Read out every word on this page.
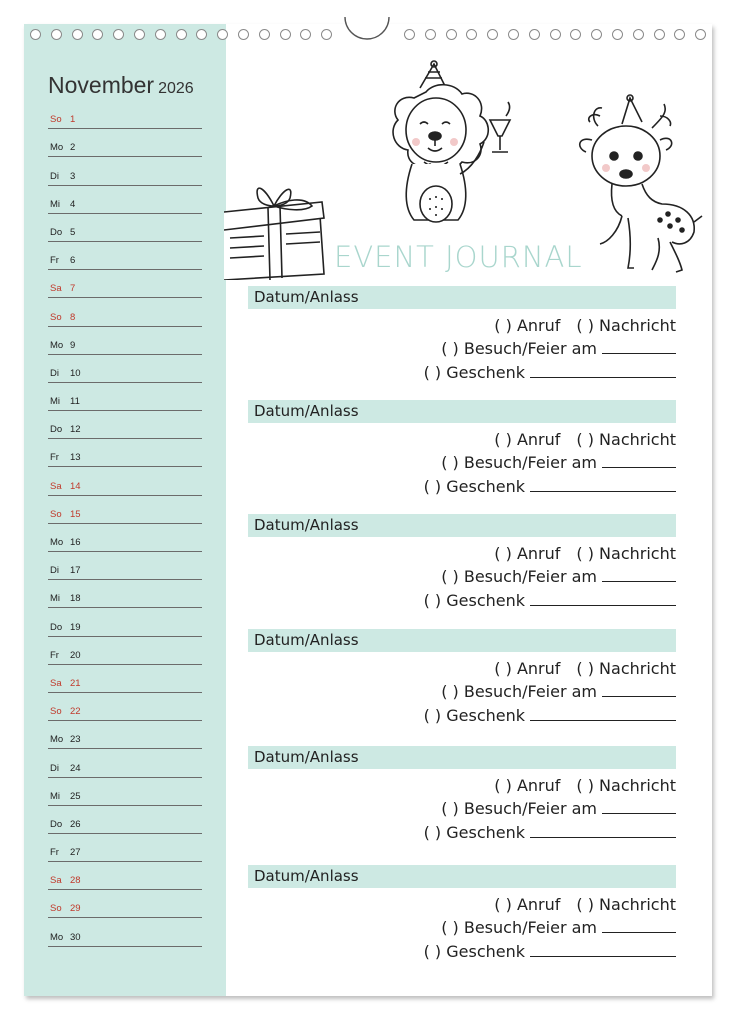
November 2026
So 1
Mo 2
Di 3
Mi 4
Do 5
Fr 6
Sa 7
So 8
Mo 9
Di 10
Mi 11
Do 12
Fr 13
Sa 14
So 15
Mo 16
Di 17
Mi 18
Do 19
Fr 20
Sa 21
So 22
Mo 23
Di 24
Mi 25
Do 26
Fr 27
Sa 28
So 29
Mo 30
EVENT JOURNAL
Datum/Anlass
( ) Anruf ( ) Nachricht
( ) Besuch/Feier am
( ) Geschenk
Datum/Anlass
( ) Anruf ( ) Nachricht
( ) Besuch/Feier am
( ) Geschenk
Datum/Anlass
( ) Anruf ( ) Nachricht
( ) Besuch/Feier am
( ) Geschenk
Datum/Anlass
( ) Anruf ( ) Nachricht
( ) Besuch/Feier am
( ) Geschenk
Datum/Anlass
( ) Anruf ( ) Nachricht
( ) Besuch/Feier am
( ) Geschenk
Datum/Anlass
( ) Anruf ( ) Nachricht
( ) Besuch/Feier am
( ) Geschenk
